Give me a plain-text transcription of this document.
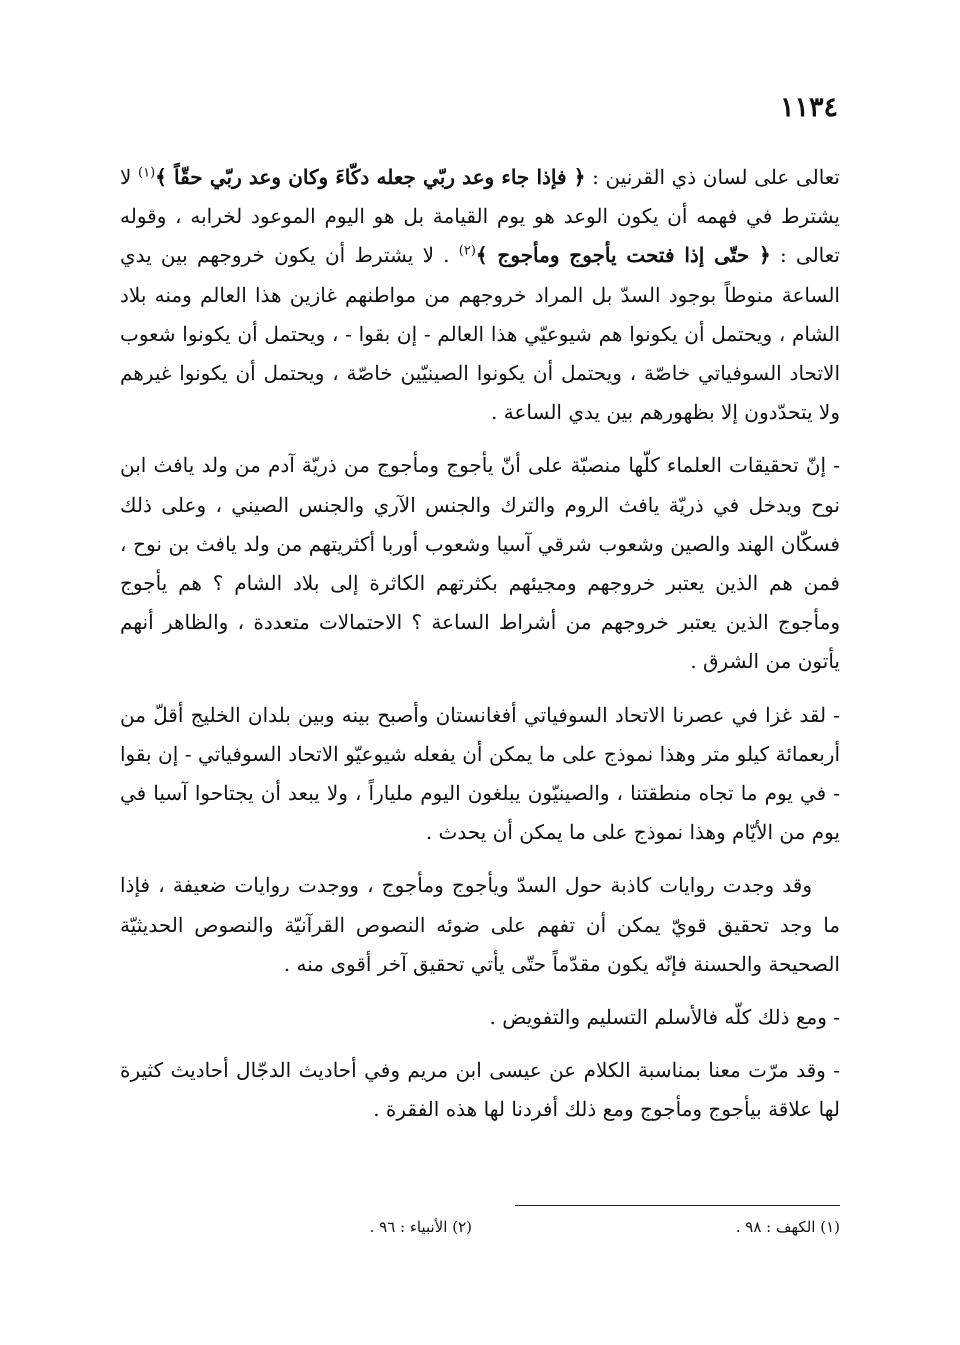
١١٣٤

تعالى على لسان ذي القرنين : ﴿ فإذا جاء وعد ربّي جعله دكّاءَ وكان وعد ربّي حقّاً ﴾$^{(١)}$ لا يشترط في فهمه أن يكون الوعد هو يوم القيامة بل هو اليوم الموعود لخرابه ، وقوله تعالى : ﴿ حتّى إذا فتحت يأجوج ومأجوج ﴾$^{(٢)}$ . لا يشترط أن يكون خروجهم بين يدي الساعة منوطاً بوجود السدّ بل المراد خروجهم من مواطنهم غازين هذا العالم ومنه بلاد الشام ، ويحتمل أن يكونوا هم شيوعيّي هذا العالم - إن بقوا - ، ويحتمل أن يكونوا شعوب الاتحاد السوفياتي خاصّة ، ويحتمل أن يكونوا الصينيّين خاصّة ، ويحتمل أن يكونوا غيرهم ولا يتحدّدون إلا بظهورهم بين يدي الساعة .

- إنّ تحقيقات العلماء كلّها منصبّة على أنّ يأجوج ومأجوج من ذريّة آدم من ولد يافث ابن نوح ويدخل في ذريّة يافث الروم والترك والجنس الآري والجنس الصيني ، وعلى ذلك فسكّان الهند والصين وشعوب شرقي آسيا وشعوب أوربا أكثريتهم من ولد يافث بن نوح ، فمن هم الذين يعتبر خروجهم ومجيئهم بكثرتهم الكاثرة إلى بلاد الشام ؟ هم يأجوج ومأجوج الذين يعتبر خروجهم من أشراط الساعة ؟ الاحتمالات متعددة ، والظاهر أنهم يأتون من الشرق .

- لقد غزا في عصرنا الاتحاد السوفياتي أفغانستان وأصبح بينه وبين بلدان الخليج أقلّ من أربعمائة كيلو متر وهذا نموذج على ما يمكن أن يفعله شيوعيّو الاتحاد السوفياتي - إن بقوا - في يوم ما تجاه منطقتنا ، والصينيّون يبلغون اليوم ملياراً ، ولا يبعد أن يجتاحوا آسيا في يوم من الأيّام وهذا نموذج على ما يمكن أن يحدث .

وقد وجدت روايات كاذبة حول السدّ ويأجوج ومأجوج ، ووجدت روايات ضعيفة ، فإذا ما وجد تحقيق قويّ يمكن أن تفهم على ضوئه النصوص القرآنيّة والنصوص الحديثيّة الصحيحة والحسنة فإنّه يكون مقدّماً حتّى يأتي تحقيق آخر أقوى منه .

- ومع ذلك كلّه فالأسلم التسليم والتفويض .

- وقد مرّت معنا بمناسبة الكلام عن عيسى ابن مريم وفي أحاديث الدجّال أحاديث كثيرة لها علاقة بيأجوج ومأجوج ومع ذلك أفردنا لها هذه الفقرة .

(١) الكهف : ٩٨ .
(٢) الأنبياء : ٩٦ .
